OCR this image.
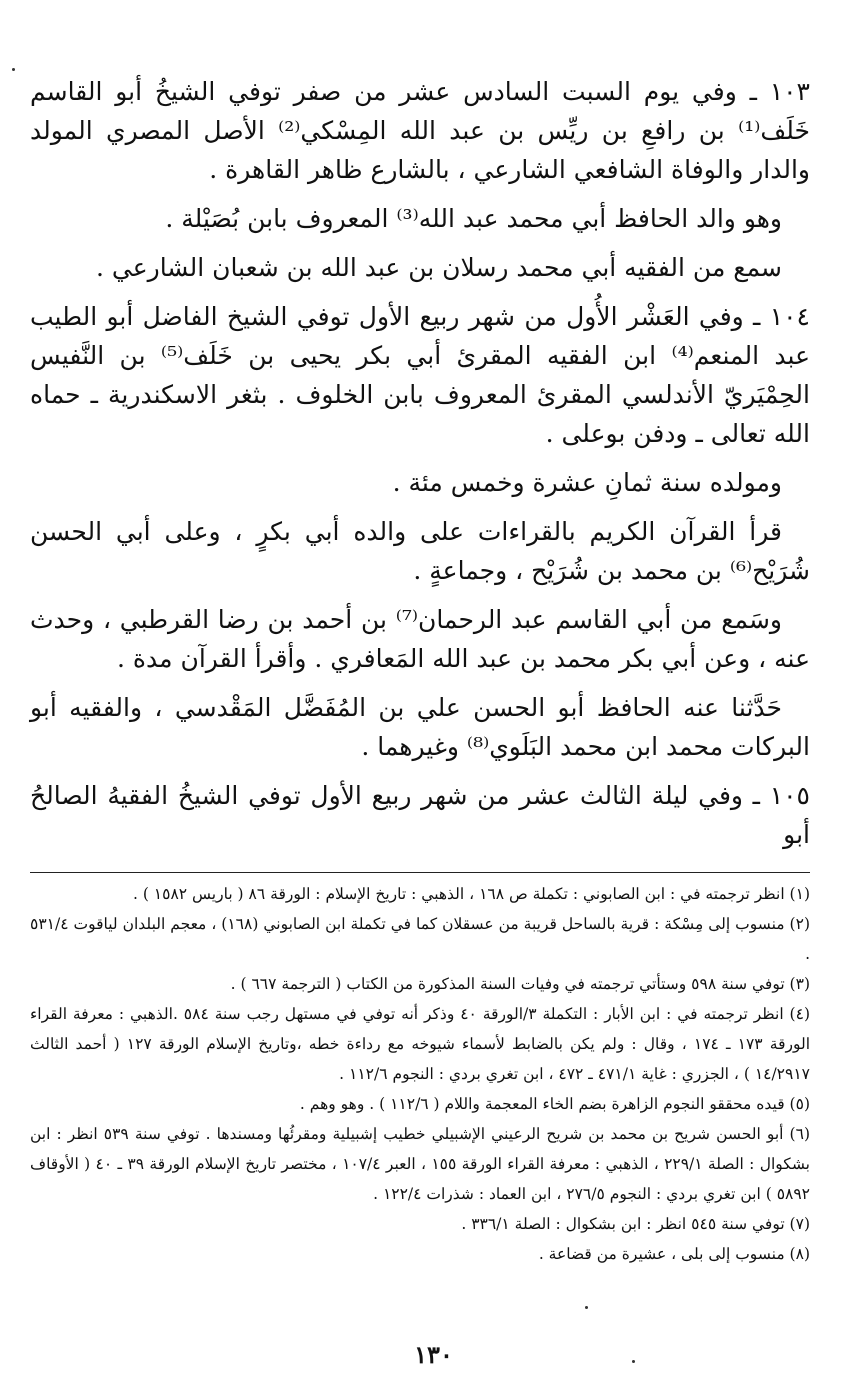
١٠٣ ـ وفي يوم السبت السادس عشر من صفر توفي الشيخُ أبو القاسم خَلَف⁽¹⁾ بن رافعِ بن ريِّس بن عبد الله المِسْكي⁽²⁾ الأصل المصري المولد والدار والوفاة الشافعي الشارعي ، بالشارع ظاهر القاهرة .

وهو والد الحافظ أبي محمد عبد الله⁽³⁾ المعروف بابن بُصَيْلة .

سمع من الفقيه أبي محمد رسلان بن عبد الله بن شعبان الشارعي .

١٠٤ ـ وفي العَشْر الأُول من شهر ربيع الأول توفي الشيخ الفاضل أبو الطيب عبد المنعم⁽⁴⁾ ابن الفقيه المقرئ أبي بكر يحيى بن خَلَف⁽⁵⁾ بن النَّفيس الحِمْيَريّ الأندلسي المقرئ المعروف بابن الخلوف . بثغر الاسكندرية ـ حماه الله تعالى ـ ودفن بوعلى .

ومولده سنة ثمانِ عشرة وخمس مئة .

قرأ القرآن الكريم بالقراءات على والده أبي بكرٍ ، وعلى أبي الحسن شُرَيْح⁽⁶⁾ بن محمد بن شُرَيْح ، وجماعةٍ .

وسَمع من أبي القاسم عبد الرحمان⁽⁷⁾ بن أحمد بن رضا القرطبي ، وحدث عنه ، وعن أبي بكر محمد بن عبد الله المَعافري . وأقرأ القرآن مدة .

حَدَّثنا عنه الحافظ أبو الحسن علي بن المُفَضَّل المَقْدسي ، والفقيه أبو البركات محمد ابن محمد البَلَوي⁽⁸⁾ وغيرهما .

١٠٥ ـ وفي ليلة الثالث عشر من شهر ربيع الأول توفي الشيخُ الفقيهُ الصالحُ أبو

(١) انظر ترجمته في : ابن الصابوني : تكملة ص ١٦٨ ، الذهبي : تاريخ الإسلام : الورقة ٨٦ ( باريس ١٥٨٢ ) .

(٢) منسوب إلى مِسْكة : قرية بالساحل قريبة من عسقلان كما في تكملة ابن الصابوني (١٦٨) ، معجم البلدان لياقوت ٥٣١/٤ .

(٣) توفي سنة ٥٩٨ وستأتي ترجمته في وفيات السنة المذكورة من الكتاب ( الترجمة ٦٦٧ ) .

(٤) انظر ترجمته في : ابن الأبار : التكملة ٣/الورقة ٤٠ وذكر أنه توفي في مستهل رجب سنة ٥٨٤ .الذهبي : معرفة القراء الورقة ١٧٣ ـ ١٧٤ ، وقال : ولم يكن بالضابط لأسماء شيوخه مع رداءة خطه ،وتاريخ الإسلام الورقة ١٢٧ ( أحمد الثالث ١٤/٢٩١٧ ) ، الجزري : غاية ٤٧١/١ ـ ٤٧٢ ، ابن تغري بردي : النجوم ١١٢/٦ .

(٥) قيده محققو النجوم الزاهرة بضم الخاء المعجمة واللام ( ١١٢/٦ ) . وهو وهم .

(٦) أبو الحسن شريح بن محمد بن شريح الرعيني الإشبيلي خطيب إشبيلية ومقرئُها ومسندها . توفي سنة ٥٣٩ انظر : ابن بشكوال : الصلة ٢٢٩/١ ، الذهبي : معرفة القراء الورقة ١٥٥ ، العبر ١٠٧/٤ ، مختصر تاريخ الإسلام الورقة ٣٩ ـ ٤٠ ( الأوقاف ٥٨٩٢ ) ابن تغري بردي : النجوم ٢٧٦/٥ ، ابن العماد : شذرات ١٢٢/٤ .

(٧) توفي سنة ٥٤٥ انظر : ابن بشكوال : الصلة ٣٣٦/١ .

(٨) منسوب إلى بلى ، عشيرة من قضاعة .

١٣٠
